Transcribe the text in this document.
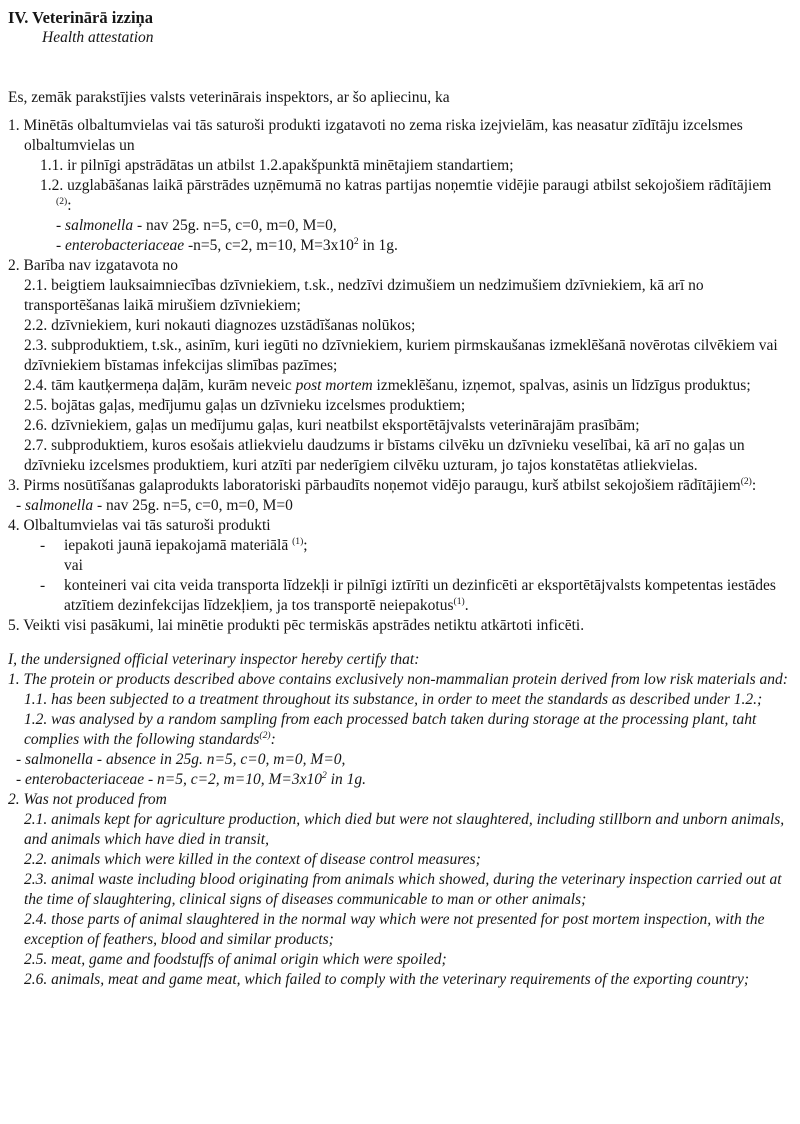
IV. Veterinārā izziņa
Health attestation

Es, zemāk parakstījies valsts veterinārais inspektors, ar šo apliecinu, ka

1. Minētās olbaltumvielas vai tās saturoši produkti izgatavoti no zema riska izejvielām, kas neasatur zīdītāju izcelsmes olbaltumvielas un

1.1. ir pilnīgi apstrādātas un atbilst 1.2.apakšpunktā minētajiem standartiem;

1.2. uzglabāšanas laikā pārstrādes uzņēmumā no katras partijas noņemtie vidējie paraugi atbilst sekojošiem rādītājiem $^{(2)}$:

- salmonella - nav 25g. n=5, c=0, m=0, M=0,

- enterobacteriaceae -n=5, c=2, m=10, $M=3x10^2$ in 1g.

2. Barība nav izgatavota no

2.1. beigtiem lauksaimniecības dzīvniekiem, t.sk., nedzīvi dzimušiem un nedzimušiem dzīvniekiem, kā arī no transportēšanas laikā mirušiem dzīvniekiem;

2.2. dzīvniekiem, kuri nokauti diagnozes uzstādīšanas nolūkos;

2.3. subproduktiem, t.sk., asinīm, kuri iegūti no dzīvniekiem, kuriem pirmskaušanas izmeklēšanā novērotas cilvēkiem vai dzīvniekiem bīstamas infekcijas slimības pazīmes;

2.4. tām kautķermeņa daļām, kurām neveic post mortem izmeklēšanu, izņemot, spalvas, asinis un līdzīgus produktus;

2.5. bojātas gaļas, medījumu gaļas un dzīvnieku izcelsmes produktiem;

2.6. dzīvniekiem, gaļas un medījumu gaļas, kuri neatbilst eksportētājvalsts veterinārajām prasībām;

2.7. subproduktiem, kuros esošais atliekvielu daudzums ir bīstams cilvēku un dzīvnieku veselībai, kā arī no gaļas un dzīvnieku izcelsmes produktiem, kuri atzīti par nederīgiem cilvēku uzturam, jo tajos konstatētas atliekvielas.

3. Pirms nosūtīšanas galaprodukts laboratoriski pārbaudīts noņemot vidējo paraugu, kurš atbilst sekojošiem rādītājiem$^{(2)}$:

- salmonella - nav 25g. n=5, c=0, m=0, M=0

4. Olbaltumvielas vai tās saturoši produkti

- iepakoti jaunā iepakojamā materiālā $^{(1)}$;

vai

- konteineri vai cita veida transporta līdzekļi ir pilnīgi iztīrīti un dezinficēti ar eksportētājvalsts kompetentas iestādes atzītiem dezinfekcijas līdzekļiem, ja tos transportē neiepakotus$^{(1)}$.

5. Veikti visi pasākumi, lai minētie produkti pēc termiskās apstrādes netiktu atkārtoti inficēti.

I, the undersigned official veterinary inspector hereby certify that:

1. The protein or products described above contains exclusively non-mammalian protein derived from low risk materials and:

1.1. has been subjected to a treatment throughout its substance, in order to meet the standards as described under 1.2.;

1.2. was analysed by a random sampling from each processed batch taken during storage at the processing plant, taht complies with the following standards$^{(2)}$:

- salmonella - absence in 25g. n=5, c=0, m=0, M=0,

- enterobacteriaceae - n=5, c=2, m=10, $M=3x10^2$ in 1g.

2. Was not produced from

2.1. animals kept for agriculture production, which died but were not slaughtered, including stillborn and unborn animals, and animals which have died in transit,

2.2. animals which were killed in the context of disease control measures;

2.3. animal waste including blood originating from animals which showed, during the veterinary inspection carried out at the time of slaughtering, clinical signs of diseases communicable to man or other animals;

2.4. those parts of animal slaughtered in the normal way which were not presented for post mortem inspection, with the exception of feathers, blood and similar products;

2.5. meat, game and foodstuffs of animal origin which were spoiled;

2.6. animals, meat and game meat, which failed to comply with the veterinary requirements of the exporting country;
